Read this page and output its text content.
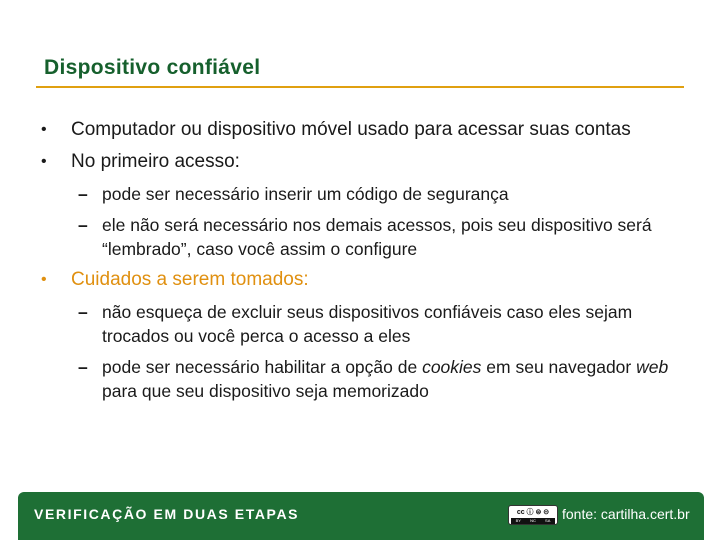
Dispositivo confiável
• Computador ou dispositivo móvel usado para acessar suas contas
• No primeiro acesso:
– pode ser necessário inserir um código de segurança
– ele não será necessário nos demais acessos, pois seu dispositivo será “lembrado”, caso você assim o configure
• Cuidados a serem tomados:
– não esqueça de excluir seus dispositivos confiáveis caso eles sejam trocados ou você perca o acesso a eles
– pode ser necessário habilitar a opção de cookies em seu navegador web para que seu dispositivo seja memorizado
VERIFICAÇÃO EM DUAS ETAPAS	cc ⓘ ⊜ ⊝
BY NC SA fonte: cartilha.cert.br
